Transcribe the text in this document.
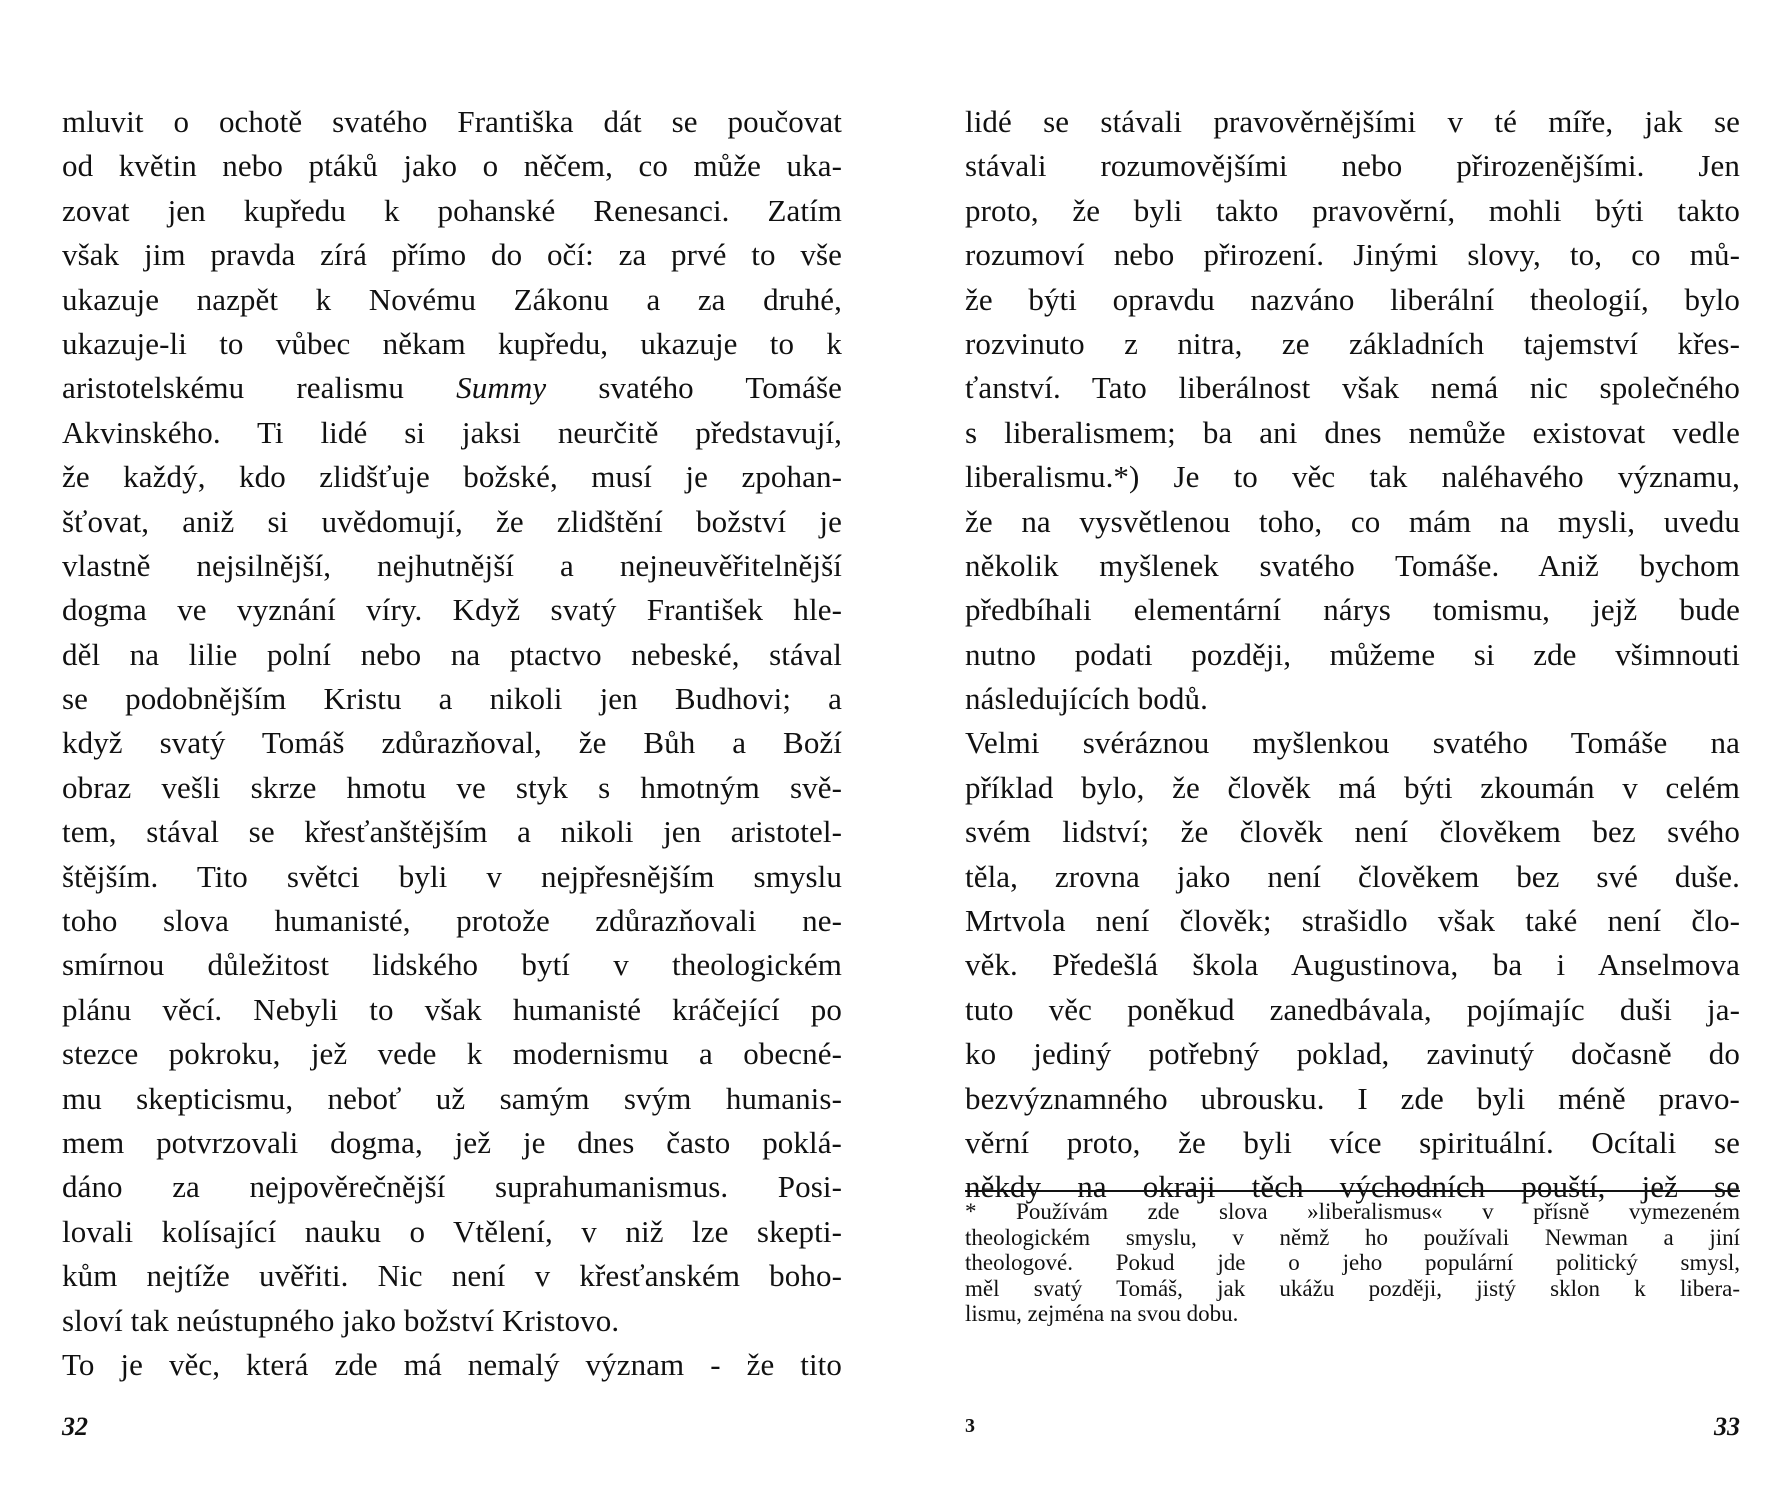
mluvit o ochotě svatého Františka dát se poučovat
od květin nebo ptáků jako o něčem, co může uka-
zovat jen kupředu k pohanské Renesanci. Zatím
však jim pravda zírá přímo do očí: za prvé to vše
ukazuje nazpět k Novému Zákonu a za druhé,
ukazuje-li to vůbec někam kupředu, ukazuje to k
aristotelskému realismu Summy svatého Tomáše
Akvinského. Ti lidé si jaksi neurčitě představují,
že každý, kdo zlidšťuje božské, musí je zpohan-
šťovat, aniž si uvědomují, že zlidštění božství je
vlastně nejsilnější, nejhutnější a nejneuvěřitelnější
dogma ve vyznání víry. Když svatý František hle-
děl na lilie polní nebo na ptactvo nebeské, stával
se podobnějším Kristu a nikoli jen Budhovi; a
když svatý Tomáš zdůrazňoval, že Bůh a Boží
obraz vešli skrze hmotu ve styk s hmotným svě-
tem, stával se křesťanštějším a nikoli jen aristotel-
štějším. Tito světci byli v nejpřesnějším smyslu
toho slova humanisté, protože zdůrazňovali ne-
smírnou důležitost lidského bytí v theologickém
plánu věcí. Nebyli to však humanisté kráčející po
stezce pokroku, jež vede k modernismu a obecné-
mu skepticismu, neboť už samým svým humanis-
mem potvrzovali dogma, jež je dnes často poklá-
dáno za nejpověrečnější suprahumanismus. Posi-
lovali kolísající nauku o Vtělení, v niž lze skepti-
kům nejtíže uvěřiti. Nic není v křesťanském boho-
sloví tak neústupného jako božství Kristovo.
To je věc, která zde má nemalý význam - že tito
32
lidé se stávali pravověrnějšími v té míře, jak se
stávali rozumovějšími nebo přirozenějšími. Jen
proto, že byli takto pravověrní, mohli býti takto
rozumoví nebo přirození. Jinými slovy, to, co mů-
že býti opravdu nazváno liberální theologií, bylo
rozvinuto z nitra, ze základních tajemství křes-
ťanství. Tato liberálnost však nemá nic společného
s liberalismem; ba ani dnes nemůže existovat vedle
liberalismu.*) Je to věc tak naléhavého významu,
že na vysvětlenou toho, co mám na mysli, uvedu
několik myšlenek svatého Tomáše. Aniž bychom
předbíhali elementární nárys tomismu, jejž bude
nutno podati později, můžeme si zde všimnouti
následujících bodů.
Velmi svéráznou myšlenkou svatého Tomáše na
příklad bylo, že člověk má býti zkoumán v celém
svém lidství; že člověk není člověkem bez svého
těla, zrovna jako není člověkem bez své duše.
Mrtvola není člověk; strašidlo však také není člo-
věk. Předešlá škola Augustinova, ba i Anselmova
tuto věc poněkud zanedbávala, pojímajíc duši ja-
ko jediný potřebný poklad, zavinutý dočasně do
bezvýznamného ubrousku. I zde byli méně pravo-
věrní proto, že byli více spirituální. Ocítali se
někdy na okraji těch východních pouští, jež se
* Používám zde slova »liberalismus« v přísně vymezeném
theologickém smyslu, v němž ho používali Newman a jiní
theologové. Pokud jde o jeho populární politický smysl,
měl svatý Tomáš, jak ukážu později, jistý sklon k libera-
lismu, zejména na svou dobu.
3	33
